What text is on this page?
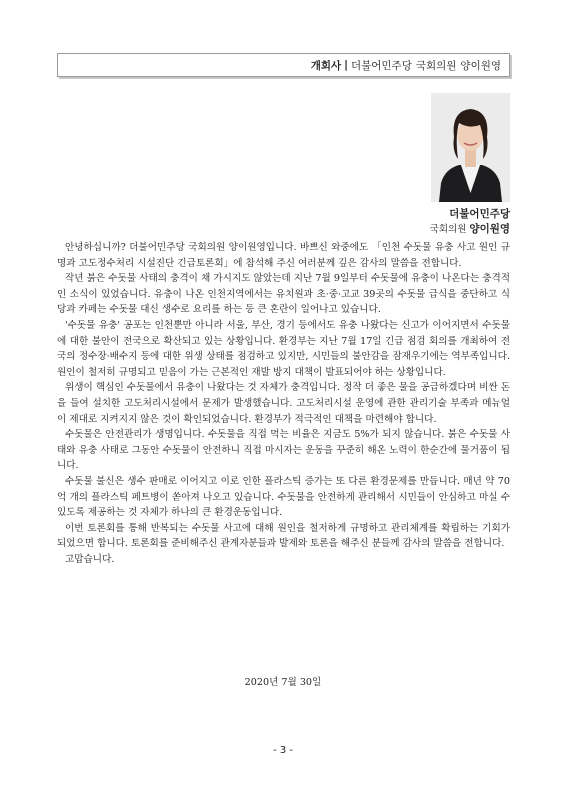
개회사 | 더불어민주당 국회의원 양이원영
더불어민주당
국회의원 양이원영

안녕하십니까? 더불어민주당 국회의원 양이원영입니다. 바쁘신 와중에도 「인천 수돗물 유충 사고 원인 규명과 고도정수처리 시설진단 긴급토론회」에 참석해 주신 여러분께 깊은 감사의 말씀을 전합니다.

작년 붉은 수돗물 사태의 충격이 채 가시지도 않았는데 지난 7월 9일부터 수돗물에 유충이 나온다는 충격적인 소식이 있었습니다. 유충이 나온 인천지역에서는 유치원과 초·중·고교 39곳의 수돗물 급식을 중단하고 식당과 카페는 수돗물 대신 생수로 요리를 하는 등 큰 혼란이 일어나고 있습니다.

'수돗물 유충' 공포는 인천뿐만 아니라 서울, 부산, 경기 등에서도 유충 나왔다는 신고가 이어지면서 수돗물에 대한 불안이 전국으로 확산되고 있는 상황입니다. 환경부는 지난 7월 17일 긴급 점검 회의를 개최하여 전국의 정수장·배수지 등에 대한 위생 상태를 점검하고 있지만, 시민들의 불안감을 잠재우기에는 역부족입니다. 원인이 철저히 규명되고 믿음이 가는 근본적인 재발 방지 대책이 발표되어야 하는 상황입니다.

위생이 핵심인 수돗물에서 유충이 나왔다는 것 자체가 충격입니다. 정작 더 좋은 물을 공급하겠다며 비싼 돈을 들여 설치한 고도처리시설에서 문제가 발생했습니다. 고도처리시설 운영에 관한 관리기술 부족과 메뉴얼이 제대로 지켜지지 않은 것이 확인되었습니다. 환경부가 적극적인 대책을 마련해야 합니다.

수돗물은 안전관리가 생명입니다. 수돗물을 직접 먹는 비율은 지금도 5%가 되지 않습니다. 붉은 수돗물 사태와 유충 사태로 그동안 수돗물이 안전하니 직접 마시자는 운동을 꾸준히 해온 노력이 한순간에 물거품이 됩니다.

수돗물 불신은 생수 판매로 이어지고 이로 인한 플라스틱 증가는 또 다른 환경문제를 만듭니다. 매년 약 70억 개의 플라스틱 페트병이 쏟아져 나오고 있습니다. 수돗물을 안전하게 관리해서 시민들이 안심하고 마실 수 있도록 제공하는 것 자체가 하나의 큰 환경운동입니다.

이번 토론회를 통해 반복되는 수돗물 사고에 대해 원인을 철저하게 규명하고 관리체계를 확립하는 기회가 되었으면 합니다. 토론회를 준비해주신 관계자분들과 발제와 토론을 해주신 분들께 감사의 말씀을 전합니다.

고맙습니다.

2020년 7월 30일
- 3 -
